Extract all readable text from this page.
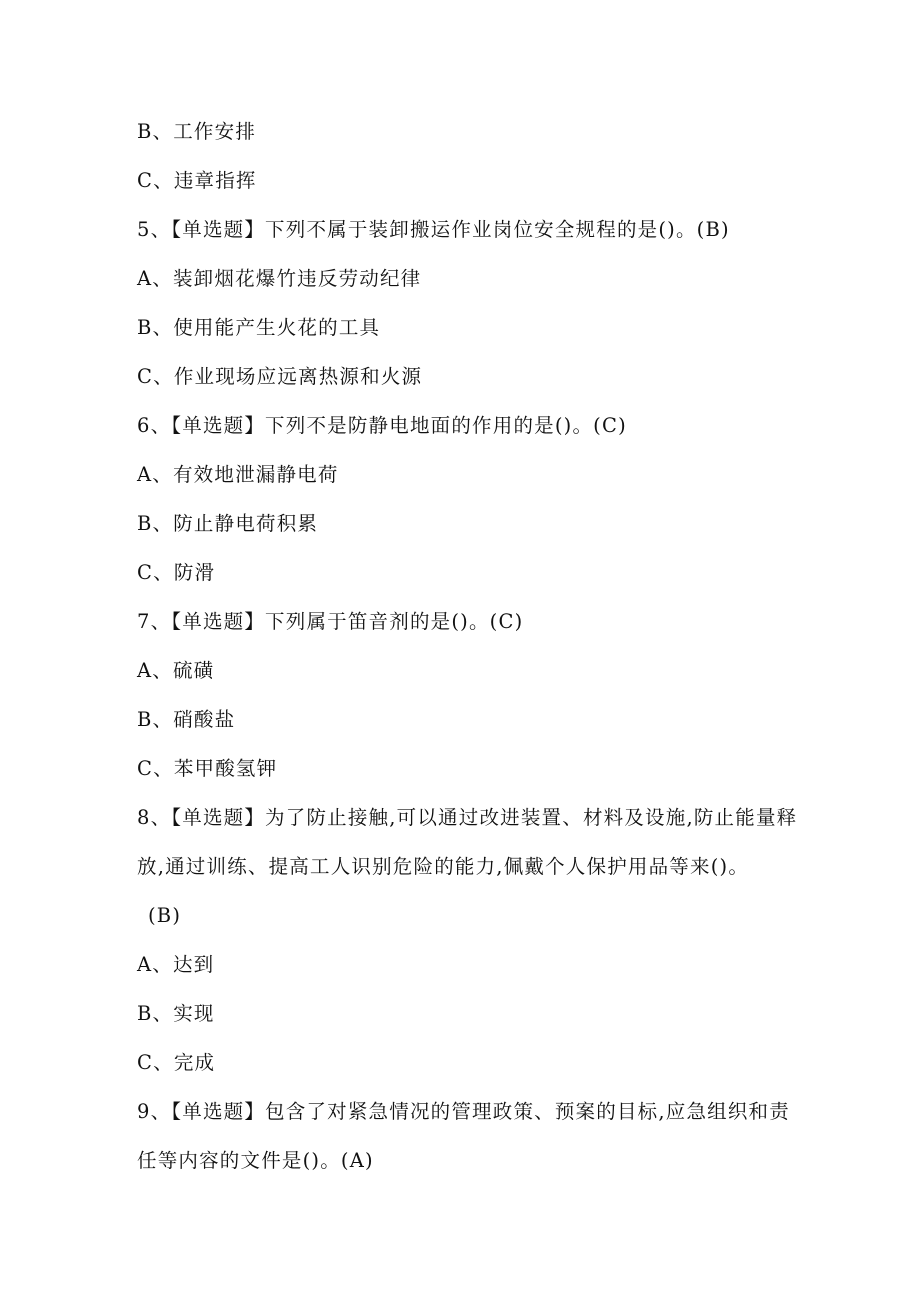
B、工作安排
C、违章指挥
5、【单选题】下列不属于装卸搬运作业岗位安全规程的是()。(B)
A、装卸烟花爆竹违反劳动纪律
B、使用能产生火花的工具
C、作业现场应远离热源和火源
6、【单选题】下列不是防静电地面的作用的是()。(C)
A、有效地泄漏静电荷
B、防止静电荷积累
C、防滑
7、【单选题】下列属于笛音剂的是()。(C)
A、硫磺
B、硝酸盐
C、苯甲酸氢钾
8、【单选题】为了防止接触,可以通过改进装置、材料及设施,防止能量释
放,通过训练、提高工人识别危险的能力,佩戴个人保护用品等来()。
(B)
A、达到
B、实现
C、完成
9、【单选题】包含了对紧急情况的管理政策、预案的目标,应急组织和责
任等内容的文件是()。(A)
